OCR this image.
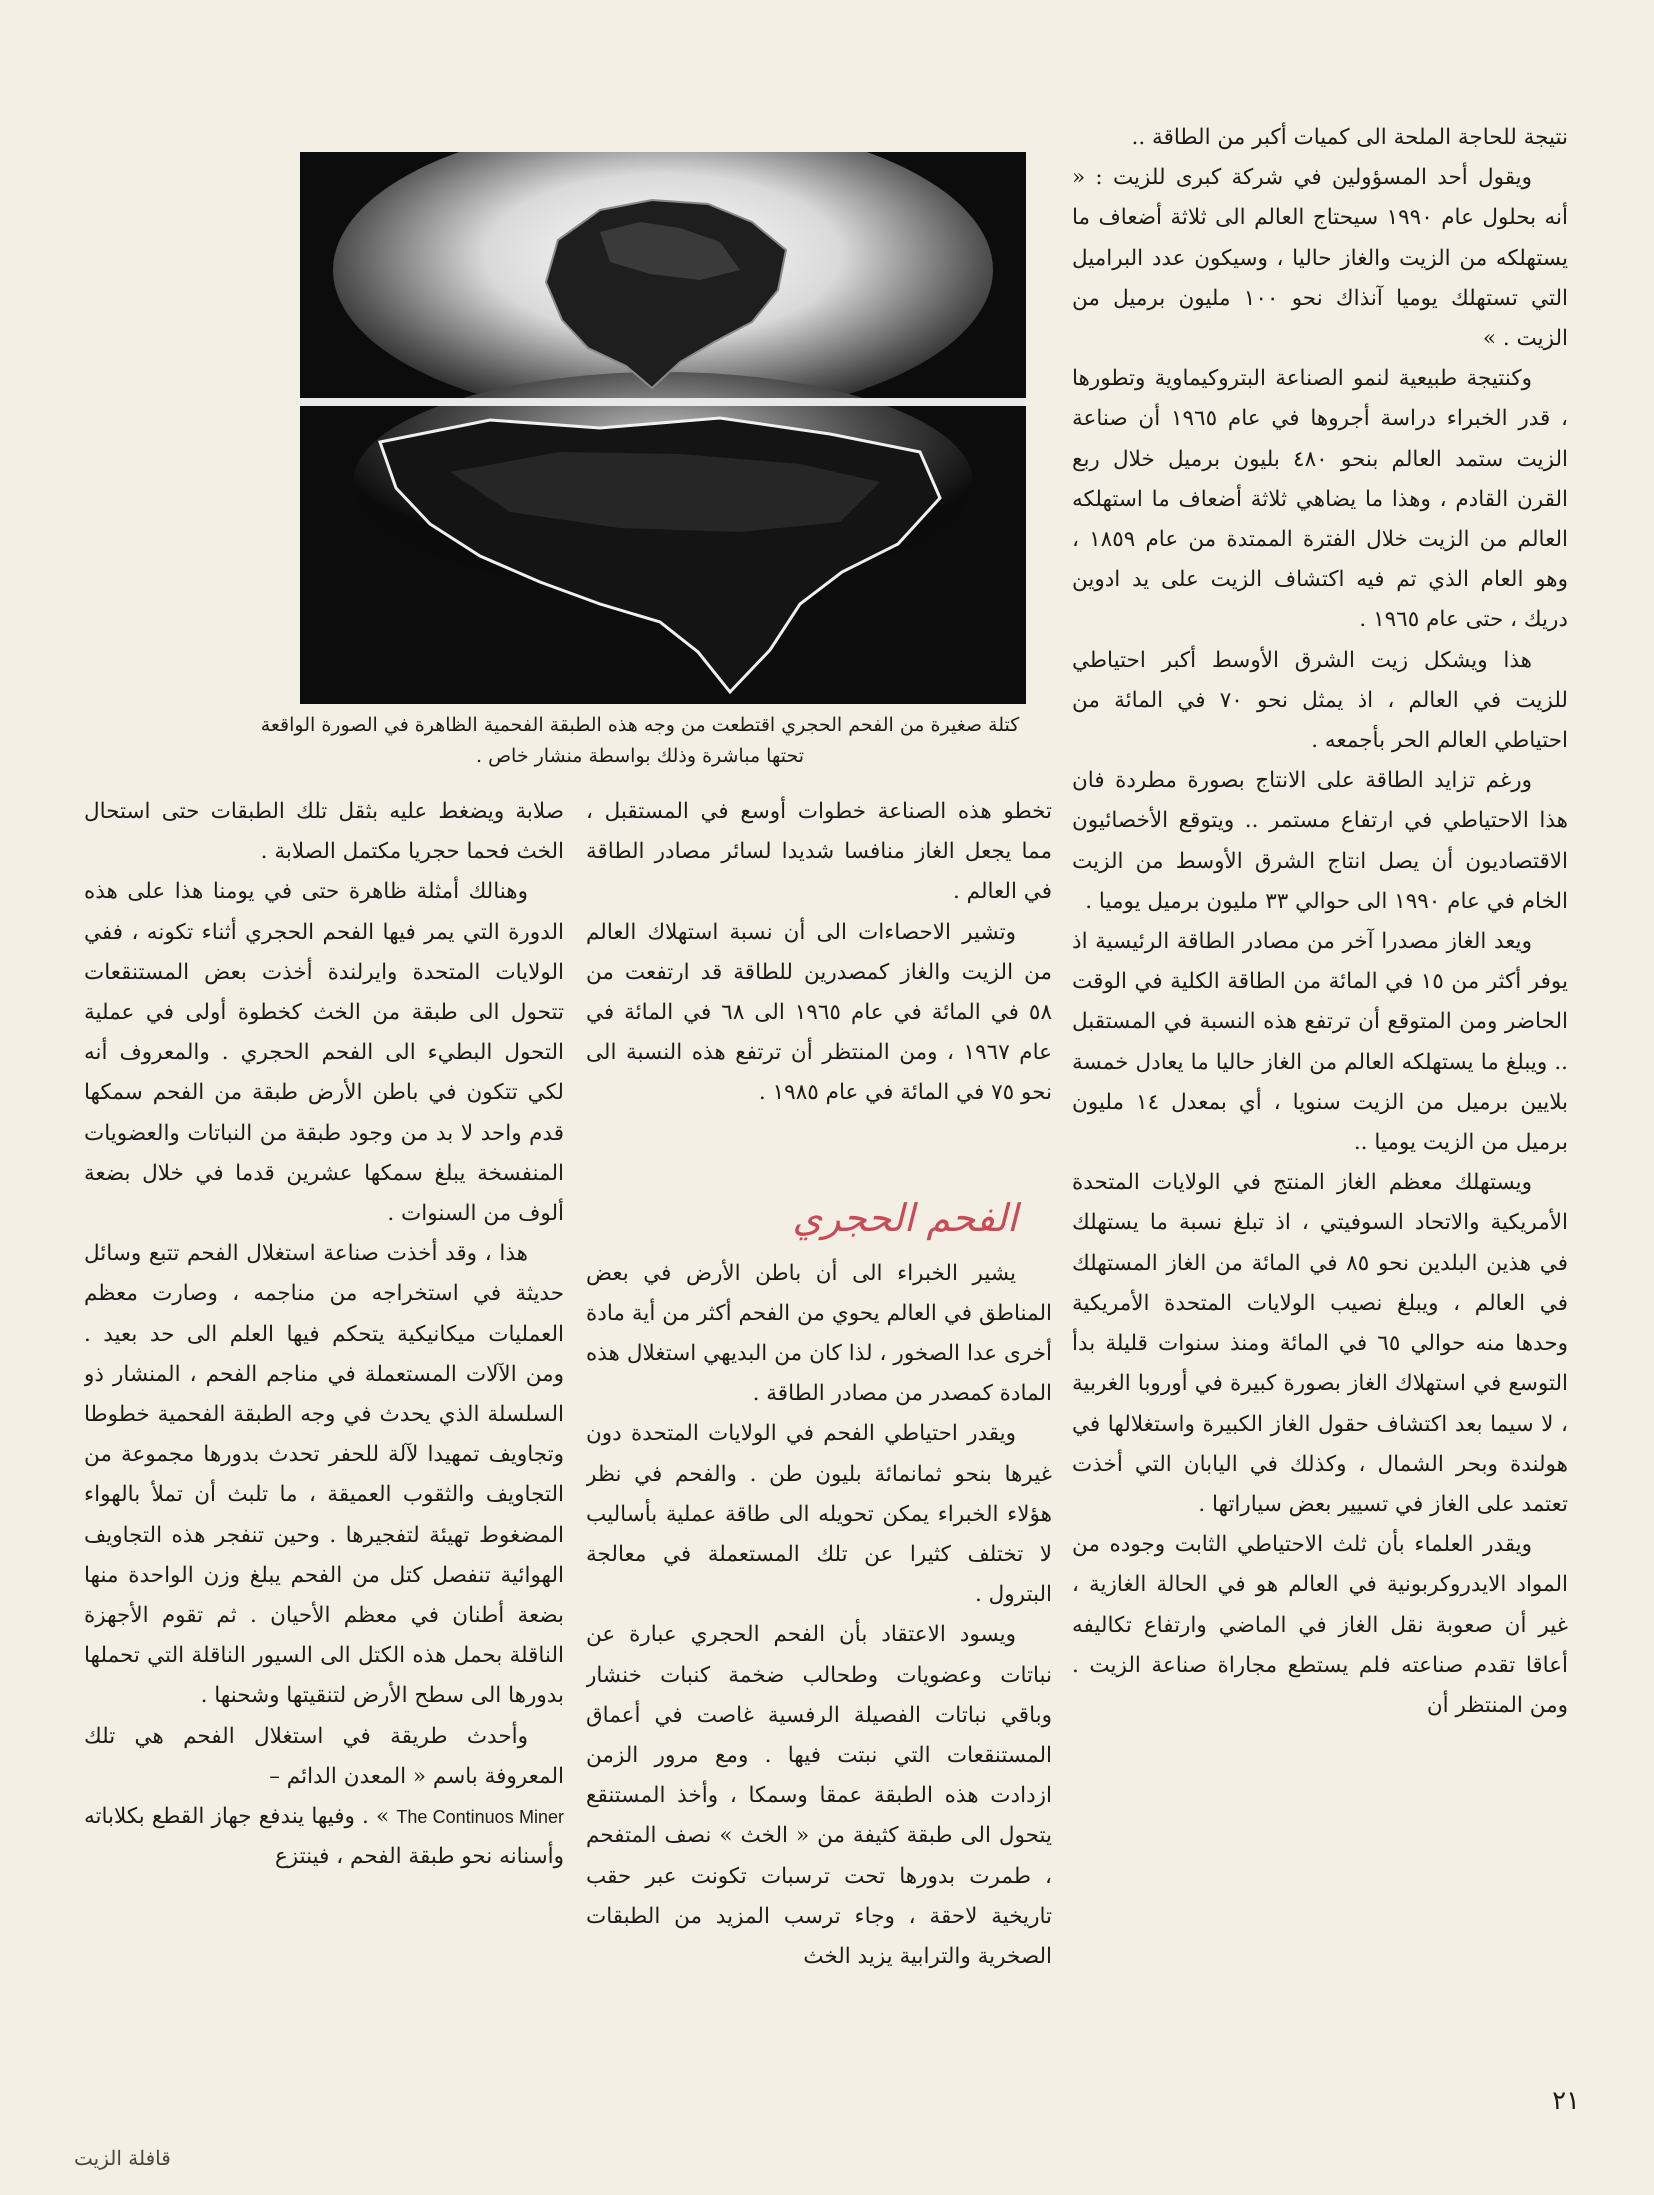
كتلة صغيرة من الفحم الحجري اقتطعت من وجه هذه الطبقة الفحمية الظاهرة في الصورة الواقعة تحتها مباشرة وذلك بواسطة منشار خاص .

نتيجة للحاجة الملحة الى كميات أكبر من الطاقة ..

ويقول أحد المسؤولين في شركة كبرى للزيت : « أنه بحلول عام ١٩٩٠ سيحتاج العالم الى ثلاثة أضعاف ما يستهلكه من الزيت والغاز حاليا ، وسيكون عدد البراميل التي تستهلك يوميا آنذاك نحو ١٠٠ مليون برميل من الزيت . »

وكنتيجة طبيعية لنمو الصناعة البتروكيماوية وتطورها ، قدر الخبراء دراسة أجروها في عام ١٩٦٥ أن صناعة الزيت ستمد العالم بنحو ٤٨٠ بليون برميل خلال ربع القرن القادم ، وهذا ما يضاهي ثلاثة أضعاف ما استهلكه العالم من الزيت خلال الفترة الممتدة من عام ١٨٥٩ ، وهو العام الذي تم فيه اكتشاف الزيت على يد ادوين دريك ، حتى عام ١٩٦٥ .

هذا ويشكل زيت الشرق الأوسط أكبر احتياطي للزيت في العالم ، اذ يمثل نحو ٧٠ في المائة من احتياطي العالم الحر بأجمعه .

ورغم تزايد الطاقة على الانتاج بصورة مطردة فان هذا الاحتياطي في ارتفاع مستمر .. ويتوقع الأخصائيون الاقتصاديون أن يصل انتاج الشرق الأوسط من الزيت الخام في عام ١٩٩٠ الى حوالي ٣٣ مليون برميل يوميا .

ويعد الغاز مصدرا آخر من مصادر الطاقة الرئيسية اذ يوفر أكثر من ١٥ في المائة من الطاقة الكلية في الوقت الحاضر ومن المتوقع أن ترتفع هذه النسبة في المستقبل .. ويبلغ ما يستهلكه العالم من الغاز حاليا ما يعادل خمسة بلايين برميل من الزيت سنويا ، أي بمعدل ١٤ مليون برميل من الزيت يوميا ..

ويستهلك معظم الغاز المنتج في الولايات المتحدة الأمريكية والاتحاد السوفيتي ، اذ تبلغ نسبة ما يستهلك في هذين البلدين نحو ٨٥ في المائة من الغاز المستهلك في العالم ، ويبلغ نصيب الولايات المتحدة الأمريكية وحدها منه حوالي ٦٥ في المائة ومنذ سنوات قليلة بدأ التوسع في استهلاك الغاز بصورة كبيرة في أوروبا الغربية ، لا سيما بعد اكتشاف حقول الغاز الكبيرة واستغلالها في هولندة وبحر الشمال ، وكذلك في اليابان التي أخذت تعتمد على الغاز في تسيير بعض سياراتها .

ويقدر العلماء بأن ثلث الاحتياطي الثابت وجوده من المواد الايدروكربونية في العالم هو في الحالة الغازية ، غير أن صعوبة نقل الغاز في الماضي وارتفاع تكاليفه أعاقا تقدم صناعته فلم يستطع مجاراة صناعة الزيت . ومن المنتظر أن

تخطو هذه الصناعة خطوات أوسع في المستقبل ، مما يجعل الغاز منافسا شديدا لسائر مصادر الطاقة في العالم .

وتشير الاحصاءات الى أن نسبة استهلاك العالم من الزيت والغاز كمصدرين للطاقة قد ارتفعت من ٥٨ في المائة في عام ١٩٦٥ الى ٦٨ في المائة في عام ١٩٦٧ ، ومن المنتظر أن ترتفع هذه النسبة الى نحو ٧٥ في المائة في عام ١٩٨٥ .

يشير الخبراء الى أن باطن الأرض في بعض المناطق في العالم يحوي من الفحم أكثر من أية مادة أخرى عدا الصخور ، لذا كان من البديهي استغلال هذه المادة كمصدر من مصادر الطاقة .

ويقدر احتياطي الفحم في الولايات المتحدة دون غيرها بنحو ثمانمائة بليون طن . والفحم في نظر هؤلاء الخبراء يمكن تحويله الى طاقة عملية بأساليب لا تختلف كثيرا عن تلك المستعملة في معالجة البترول .

ويسود الاعتقاد بأن الفحم الحجري عبارة عن نباتات وعضويات وطحالب ضخمة كنبات خنشار وباقي نباتات الفصيلة الرفسية غاصت في أعماق المستنقعات التي نبتت فيها . ومع مرور الزمن ازدادت هذه الطبقة عمقا وسمكا ، وأخذ المستنقع يتحول الى طبقة كثيفة من « الخث » نصف المتفحم ، طمرت بدورها تحت ترسبات تكونت عبر حقب تاريخية لاحقة ، وجاء ترسب المزيد من الطبقات الصخرية والترابية يزيد الخث

الفحم الحجري

صلابة ويضغط عليه بثقل تلك الطبقات حتى استحال الخث فحما حجريا مكتمل الصلابة .

وهنالك أمثلة ظاهرة حتى في يومنا هذا على هذه الدورة التي يمر فيها الفحم الحجري أثناء تكونه ، ففي الولايات المتحدة وايرلندة أخذت بعض المستنقعات تتحول الى طبقة من الخث كخطوة أولى في عملية التحول البطيء الى الفحم الحجري . والمعروف أنه لكي تتكون في باطن الأرض طبقة من الفحم سمكها قدم واحد لا بد من وجود طبقة من النباتات والعضويات المنفسخة يبلغ سمكها عشرين قدما في خلال بضعة ألوف من السنوات .

هذا ، وقد أخذت صناعة استغلال الفحم تتبع وسائل حديثة في استخراجه من مناجمه ، وصارت معظم العمليات ميكانيكية يتحكم فيها العلم الى حد بعيد . ومن الآلات المستعملة في مناجم الفحم ، المنشار ذو السلسلة الذي يحدث في وجه الطبقة الفحمية خطوطا وتجاويف تمهيدا لآلة للحفر تحدث بدورها مجموعة من التجاويف والثقوب العميقة ، ما تلبث أن تملأ بالهواء المضغوط تهيئة لتفجيرها . وحين تنفجر هذه التجاويف الهوائية تنفصل كتل من الفحم يبلغ وزن الواحدة منها بضعة أطنان في معظم الأحيان . ثم تقوم الأجهزة الناقلة بحمل هذه الكتل الى السيور الناقلة التي تحملها بدورها الى سطح الأرض لتنقيتها وشحنها .

وأحدث طريقة في استغلال الفحم هي تلك المعروفة باسم « المعدن الدائم –

The Continuos Miner » . وفيها يندفع جهاز القطع بكلاباته وأسنانه نحو طبقة الفحم ، فينتزع

٢١
قافلة الزيت
